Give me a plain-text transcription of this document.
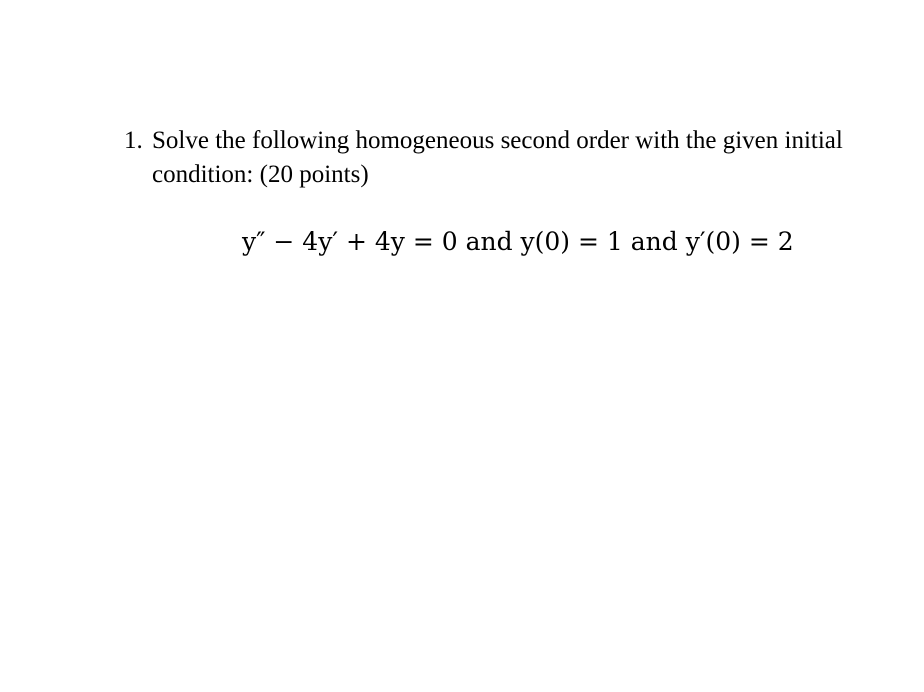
1. Solve the following homogeneous second order with the given initial condition: (20 points)
y″ − 4y′ + 4y = 0 and y(0) = 1 and y′(0) = 2
